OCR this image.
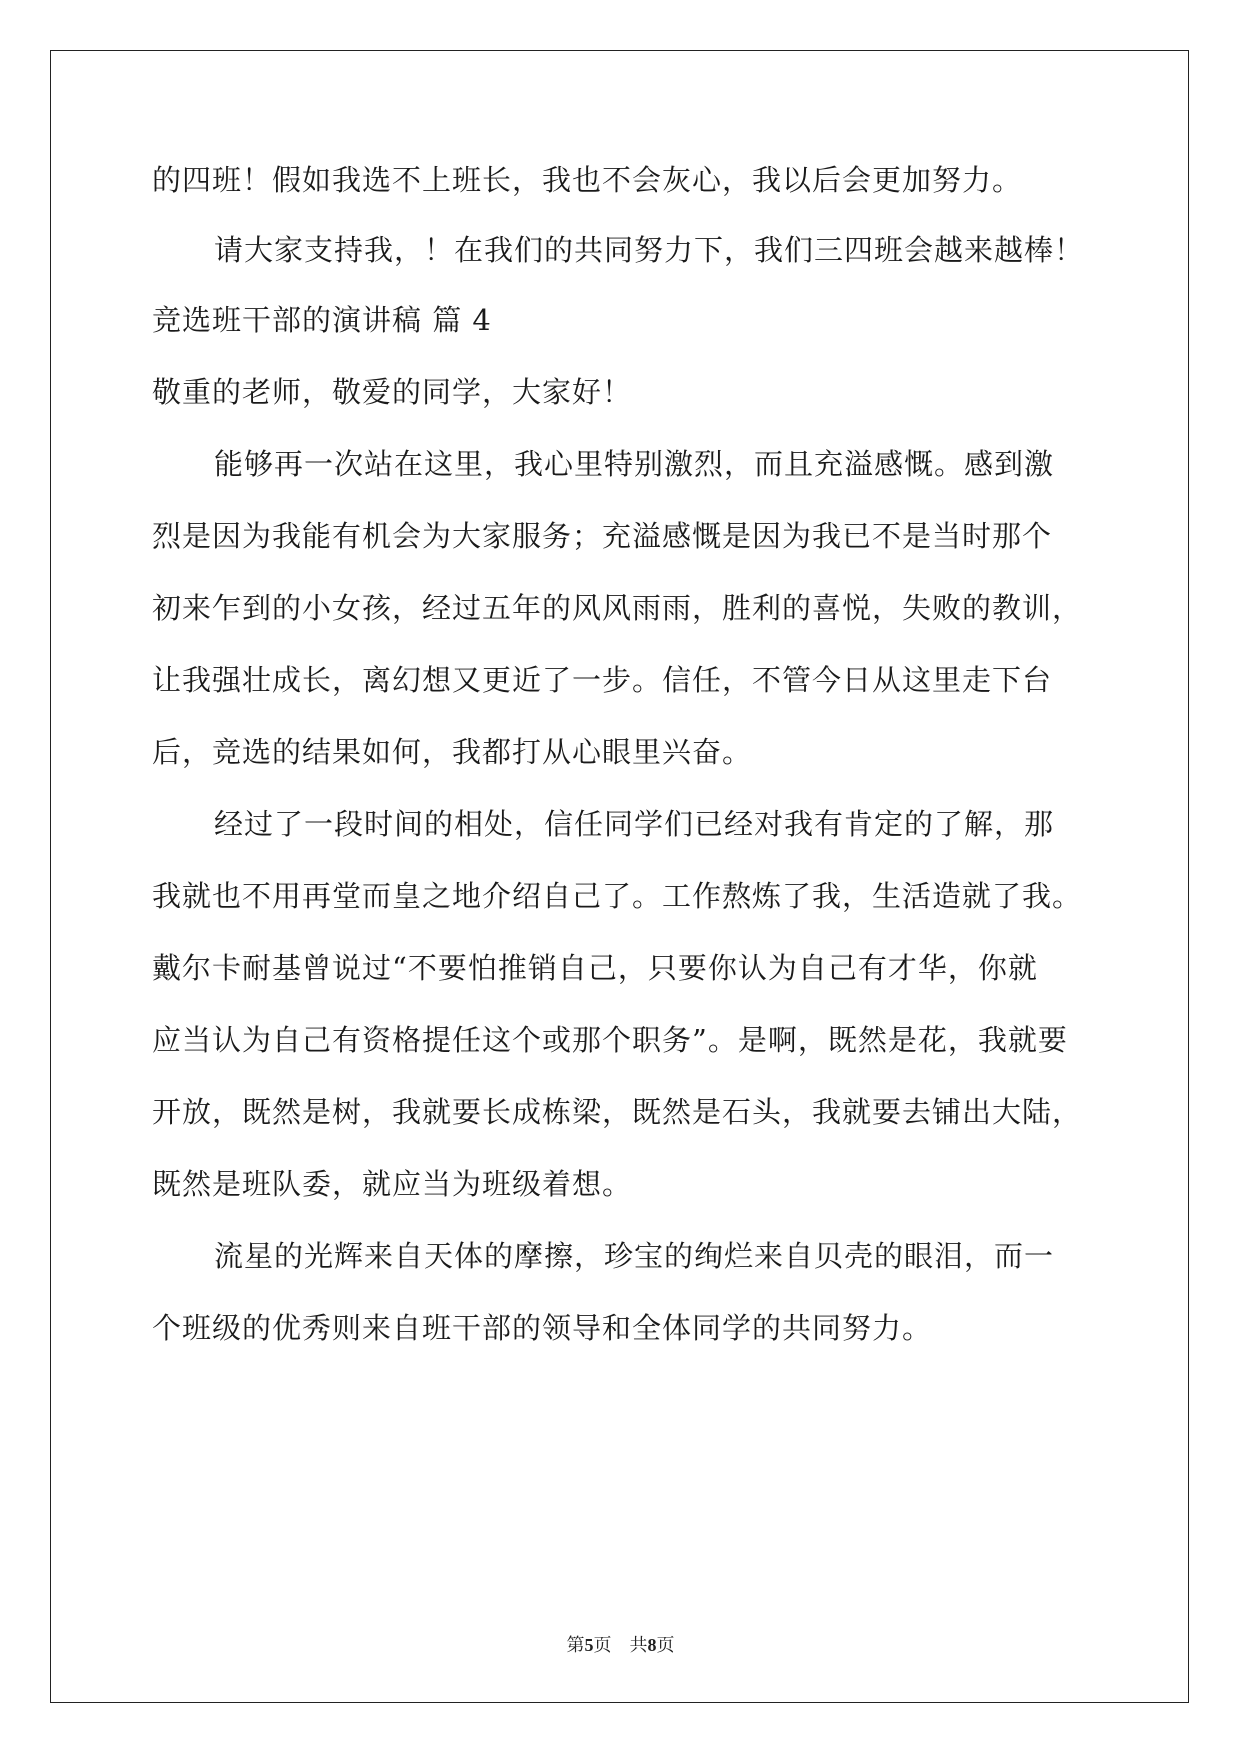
的四班！假如我选不上班长，我也不会灰心，我以后会更加努力。
请大家支持我，！在我们的共同努力下，我们三四班会越来越棒！
竞选班干部的演讲稿 篇 4
敬重的老师，敬爱的同学，大家好！
能够再一次站在这里，我心里特别激烈，而且充溢感慨。感到激
烈是因为我能有机会为大家服务；充溢感慨是因为我已不是当时那个
初来乍到的小女孩，经过五年的风风雨雨，胜利的喜悦，失败的教训，
让我强壮成长，离幻想又更近了一步。信任，不管今日从这里走下台
后，竞选的结果如何，我都打从心眼里兴奋。
经过了一段时间的相处，信任同学们已经对我有肯定的了解，那
我就也不用再堂而皇之地介绍自己了。工作熬炼了我，生活造就了我。
戴尔卡耐基曾说过“不要怕推销自己，只要你认为自己有才华，你就
应当认为自己有资格提任这个或那个职务”。是啊，既然是花，我就要
开放，既然是树，我就要长成栋梁，既然是石头，我就要去铺出大陆，
既然是班队委，就应当为班级着想。
流星的光辉来自天体的摩擦，珍宝的绚烂来自贝壳的眼泪，而一
个班级的优秀则来自班干部的领导和全体同学的共同努力。
第5页　共8页
